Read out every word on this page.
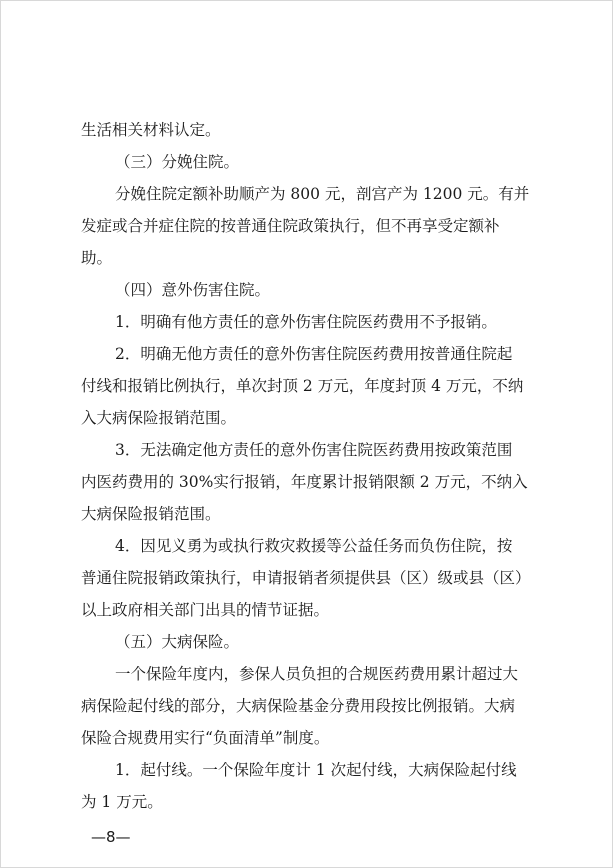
生活相关材料认定。
（三）分娩住院。
分娩住院定额补助顺产为 800 元，剖宫产为 1200 元。有并
发症或合并症住院的按普通住院政策执行，但不再享受定额补
助。
（四）意外伤害住院。
1．明确有他方责任的意外伤害住院医药费用不予报销。
2．明确无他方责任的意外伤害住院医药费用按普通住院起
付线和报销比例执行，单次封顶 2 万元，年度封顶 4 万元，不纳
入大病保险报销范围。
3．无法确定他方责任的意外伤害住院医药费用按政策范围
内医药费用的 30%实行报销，年度累计报销限额 2 万元，不纳入
大病保险报销范围。
4．因见义勇为或执行救灾救援等公益任务而负伤住院，按
普通住院报销政策执行，申请报销者须提供县（区）级或县（区）
以上政府相关部门出具的情节证据。
（五）大病保险。
一个保险年度内，参保人员负担的合规医药费用累计超过大
病保险起付线的部分，大病保险基金分费用段按比例报销。大病
保险合规费用实行“负面清单”制度。
1．起付线。一个保险年度计 1 次起付线，大病保险起付线
为 1 万元。
—8—
